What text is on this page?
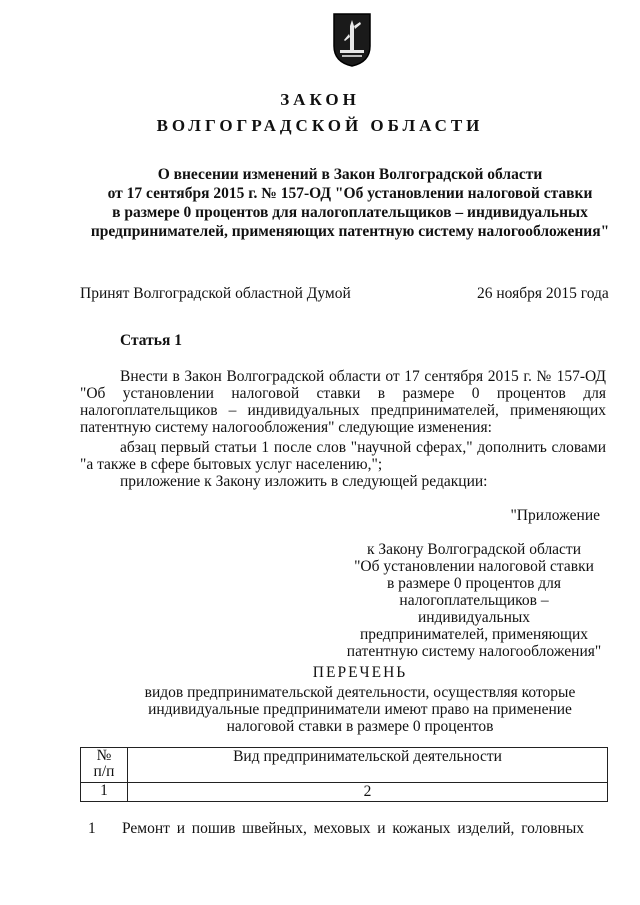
ЗАКОН
ВОЛГОГРАДСКОЙ ОБЛАСТИ
О внесении изменений в Закон Волгоградской области
от 17 сентября 2015 г. № 157-ОД "Об установлении налоговой ставки
в размере 0 процентов для налогоплательщиков – индивидуальных
предпринимателей, применяющих патентную систему налогообложения"
Принят Волгоградской областной Думой	26 ноября 2015 года
Статья 1
Внести в Закон Волгоградской области от 17 сентября 2015 г. № 157-ОД
"Об установлении налоговой ставки в размере 0 процентов для
налогоплательщиков – индивидуальных предпринимателей, применяющих
патентную систему налогообложения" следующие изменения:
абзац первый статьи 1 после слов "научной сферах," дополнить словами
"а также в сфере бытовых услуг населению,";
приложение к Закону изложить в следующей редакции:
"Приложение
к Закону Волгоградской области
"Об установлении налоговой ставки
в размере 0 процентов для
налогоплательщиков – индивидуальных
предпринимателей, применяющих
патентную систему налогообложения"
ПЕРЕЧЕНЬ
видов предпринимательской деятельности, осуществляя которые
индивидуальные предприниматели имеют право на применение
налоговой ставки в размере 0 процентов
№
п/п	Вид предпринимательской деятельности
1	2
1 Ремонт и пошив швейных, меховых и кожаных изделий, головных
